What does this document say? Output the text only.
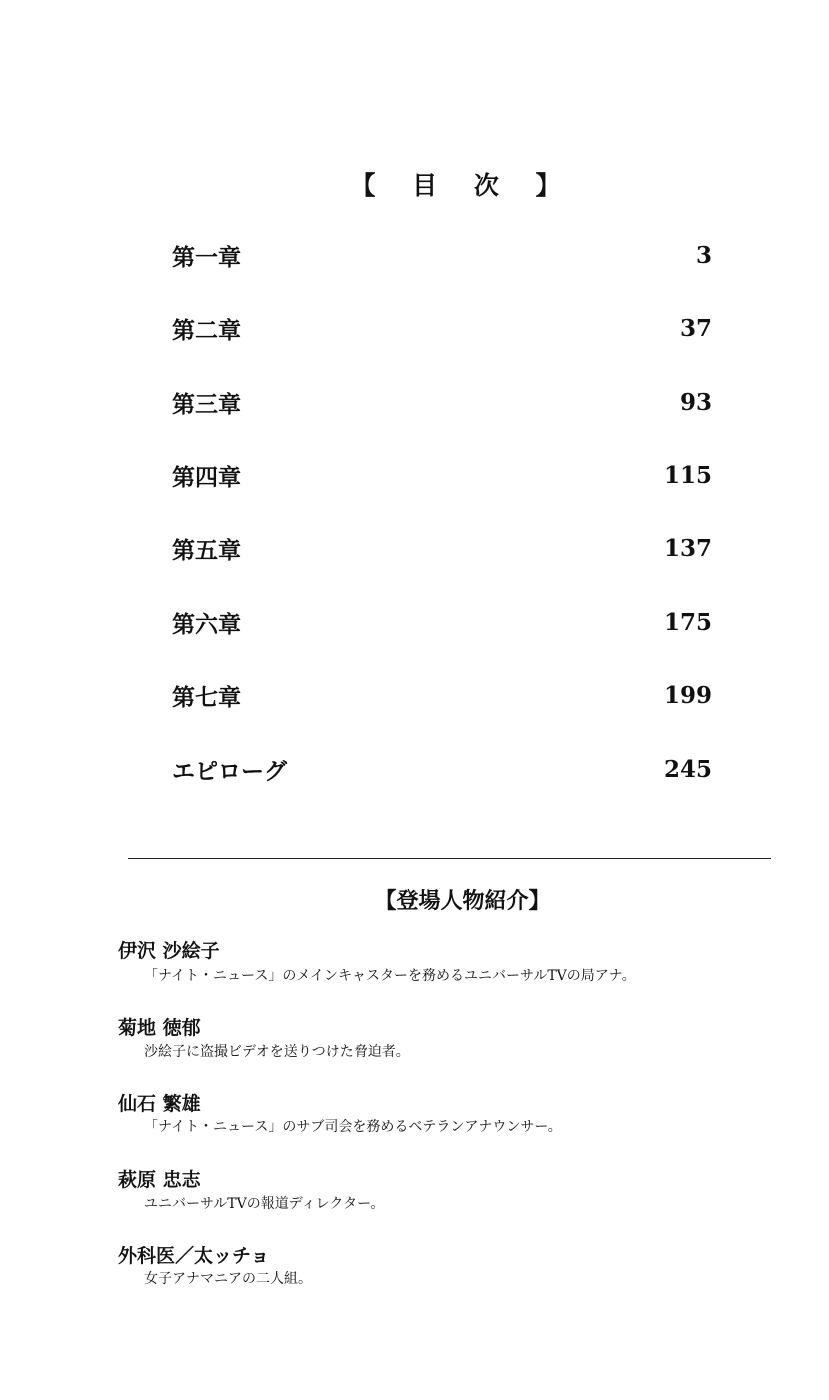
【 目 次 】
第一章	3
第二章	37
第三章	93
第四章	115
第五章	137
第六章	175
第七章	199
エピローグ	245
【登場人物紹介】
伊沢 沙絵子
「ナイト・ニュース」のメインキャスターを務めるユニバーサルTVの局アナ。
菊地 徳郁
沙絵子に盗撮ビデオを送りつけた脅迫者。
仙石 繁雄
「ナイト・ニュース」のサブ司会を務めるベテランアナウンサー。
萩原 忠志
ユニバーサルTVの報道ディレクター。
外科医／太ッチョ
女子アナマニアの二人組。
